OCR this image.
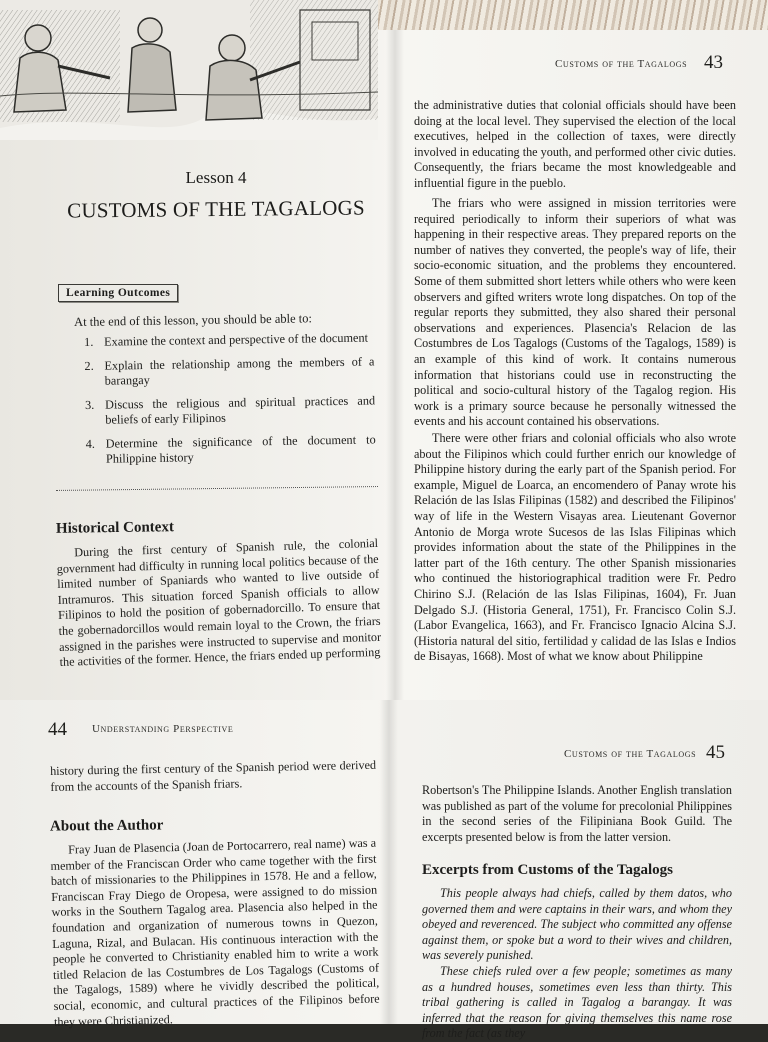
Customs of the Tagalogs 43
Lesson 4
CUSTOMS OF THE TAGALOGS
Learning Outcomes
At the end of this lesson, you should be able to:
1. Examine the context and perspective of the document
2. Explain the relationship among the members of a barangay
3. Discuss the religious and spiritual practices and beliefs of early Filipinos
4. Determine the significance of the document to Philippine history
Historical Context
During the first century of Spanish rule, the colonial government had difficulty in running local politics because of the limited number of Spaniards who wanted to live outside of Intramuros. This situation forced Spanish officials to allow Filipinos to hold the position of gobernadorcillo. To ensure that the gobernadorcillos would remain loyal to the Crown, the friars assigned in the parishes were instructed to supervise and monitor the activities of the former. Hence, the friars ended up performing
the administrative duties that colonial officials should have been doing at the local level. They supervised the election of the local executives, helped in the collection of taxes, were directly involved in educating the youth, and performed other civic duties. Consequently, the friars became the most knowledgeable and influential figure in the pueblo.
The friars who were assigned in mission territories were required periodically to inform their superiors of what was happening in their respective areas. They prepared reports on the number of natives they converted, the people's way of life, their socio-economic situation, and the problems they encountered. Some of them submitted short letters while others who were keen observers and gifted writers wrote long dispatches. On top of the regular reports they submitted, they also shared their personal observations and experiences. Plasencia's Relacion de las Costumbres de Los Tagalogs (Customs of the Tagalogs, 1589) is an example of this kind of work. It contains numerous information that historians could use in reconstructing the political and socio-cultural history of the Tagalog region. His work is a primary source because he personally witnessed the events and his account contained his observations.
There were other friars and colonial officials who also wrote about the Filipinos which could further enrich our knowledge of Philippine history during the early part of the Spanish period. For example, Miguel de Loarca, an encomendero of Panay wrote his Relación de las Islas Filipinas (1582) and described the Filipinos' way of life in the Western Visayas area. Lieutenant Governor Antonio de Morga wrote Sucesos de las Islas Filipinas which provides information about the state of the Philippines in the latter part of the 16th century. The other Spanish missionaries who continued the historiographical tradition were Fr. Pedro Chirino S.J. (Relación de las Islas Filipinas, 1604), Fr. Juan Delgado S.J. (Historia General, 1751), Fr. Francisco Colin S.J. (Labor Evangelica, 1663), and Fr. Francisco Ignacio Alcina S.J. (Historia natural del sitio, fertilidad y calidad de las Islas e Indios de Bisayas, 1668). Most of what we know about Philippine
44 Understanding Perspective
history during the first century of the Spanish period were derived from the accounts of the Spanish friars.
About the Author
Fray Juan de Plasencia (Joan de Portocarrero, real name) was a member of the Franciscan Order who came together with the first batch of missionaries to the Philippines in 1578. He and a fellow, Franciscan Fray Diego de Oropesa, were assigned to do mission works in the Southern Tagalog area. Plasencia also helped in the foundation and organization of numerous towns in Quezon, Laguna, Rizal, and Bulacan. His continuous interaction with the people he converted to Christianity enabled him to write a work titled Relacion de las Costumbres de Los Tagalogs (Customs of the Tagalogs, 1589) where he vividly described the political, social, economic, and cultural practices of the Filipinos before they were Christianized.
Customs of the Tagalogs 45
Robertson's The Philippine Islands. Another English translation was published as part of the volume for precolonial Philippines in the second series of the Filipiniana Book Guild. The excerpts presented below is from the latter version.
Excerpts from Customs of the Tagalogs
This people always had chiefs, called by them datos, who governed them and were captains in their wars, and whom they obeyed and reverenced. The subject who committed any offense against them, or spoke but a word to their wives and children, was severely punished.
These chiefs ruled over a few people; sometimes as many as a hundred houses, sometimes even less than thirty. This tribal gathering is called in Tagalog a barangay. It was inferred that the reason for giving themselves this name rose from the fact (as they
